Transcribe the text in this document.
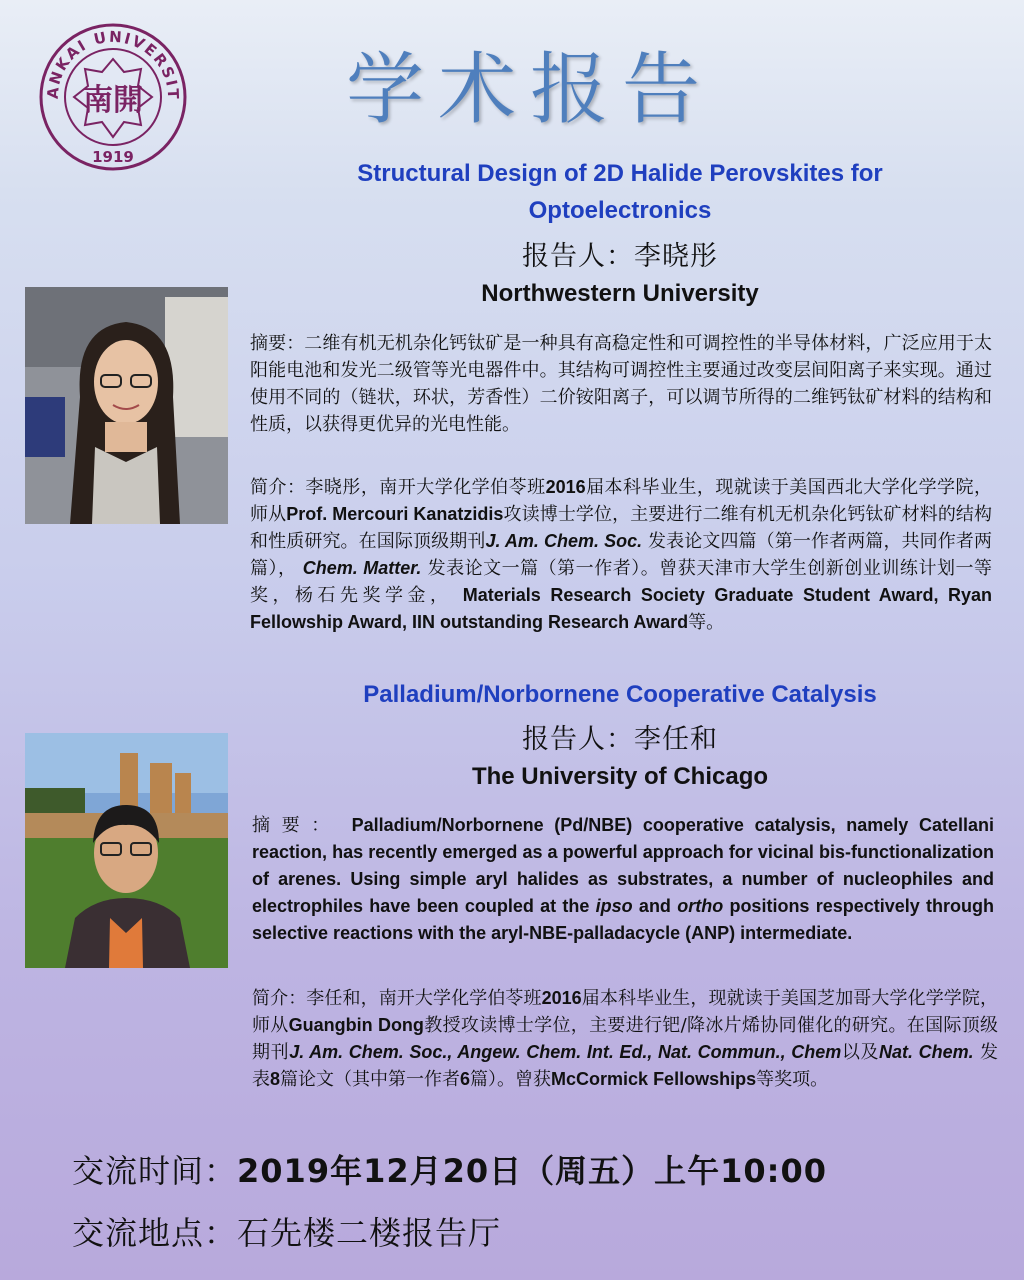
ANKAI UNIVERSIT
1919
南開	学术报告
Structural Design of 2D Halide Perovskites for
Optoelectronics
报告人：李晓彤
Northwestern University
摘要：二维有机无机杂化钙钛矿是一种具有高稳定性和可调控性的半导体材料，广泛应用于太阳能电池和发光二级管等光电器件中。其结构可调控性主要通过改变层间阳离子来实现。通过使用不同的（链状，环状，芳香性）二价铵阳离子，可以调节所得的二维钙钛矿材料的结构和性质，以获得更优异的光电性能。
简介：李晓彤，南开大学化学伯苓班2016届本科毕业生，现就读于美国西北大学化学学院，师从Prof. Mercouri Kanatzidis攻读博士学位，主要进行二维有机无机杂化钙钛矿材料的结构和性质研究。在国际顶级期刊J. Am. Chem. Soc. 发表论文四篇（第一作者两篇，共同作者两篇）， Chem. Matter. 发表论文一篇（第一作者）。曾获天津市大学生创新创业训练计划一等奖，杨石先奖学金， Materials Research Society Graduate Student Award, Ryan Fellowship Award, IIN outstanding Research Award等。
Palladium/Norbornene Cooperative Catalysis
报告人：李任和
The University of Chicago
摘要： Palladium/Norbornene (Pd/NBE) cooperative catalysis, namely Catellani reaction, has recently emerged as a powerful approach for vicinal bis-functionalization of arenes. Using simple aryl halides as substrates, a number of nucleophiles and electrophiles have been coupled at the ipso and ortho positions respectively through selective reactions with the aryl-NBE-palladacycle (ANP) intermediate.
简介：李任和，南开大学化学伯苓班2016届本科毕业生，现就读于美国芝加哥大学化学学院，师从Guangbin Dong教授攻读博士学位，主要进行钯/降冰片烯协同催化的研究。在国际顶级期刊J. Am. Chem. Soc., Angew. Chem. Int. Ed., Nat. Commun., Chem以及Nat. Chem. 发表8篇论文（其中第一作者6篇）。曾获McCormick Fellowships等奖项。
交流时间：2019年12月20日（周五）上午10:00
交流地点：石先楼二楼报告厅
